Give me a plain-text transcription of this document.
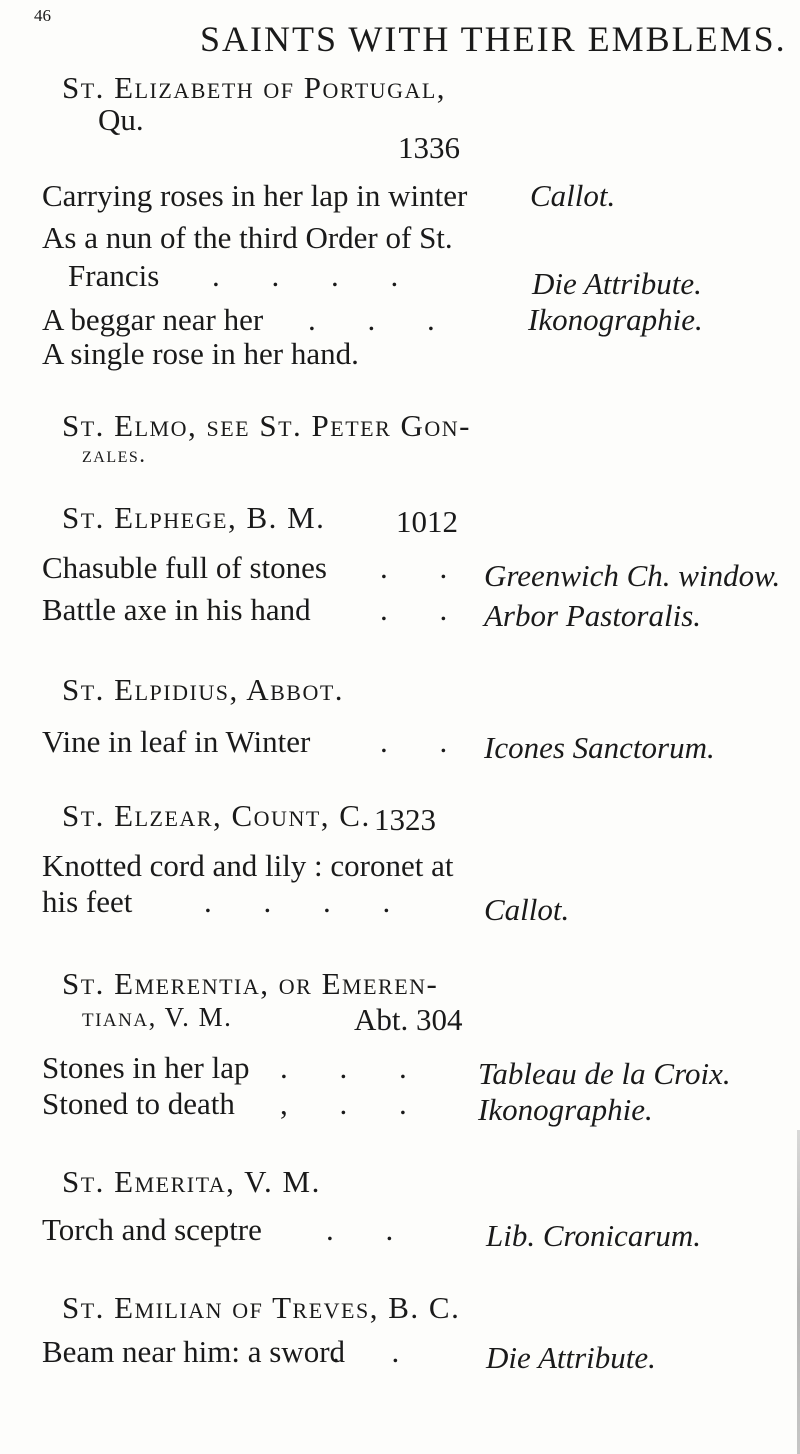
46
SAINTS WITH THEIR EMBLEMS.
St. Elizabeth of Portugal,
Qu.
1336
Carrying roses in her lap in winter Callot.
As a nun of the third Order of St.
Francis . . . .	Die Attribute.
A beggar near her . . . Ikonographie.
A single rose in her hand.
St. Elmo, see St. Peter Gon-
zales.
St. Elphege, B. M. 1012
Chasuble full of stones . . Greenwich Ch. window.
Battle axe in his hand . . Arbor Pastoralis.
St. Elpidius, Abbot.
Vine in leaf in Winter . . Icones Sanctorum.
St. Elzear, Count, C. 1323
Knotted cord and lily : coronet at
his feet . . . . Callot.
St. Emerentia, or Emeren-
tiana, V. M.	Abt. 304
Stones in her lap . . . Tableau de la Croix.
Stoned to death , . . Ikonographie.
St. Emerita, V. M.
Torch and sceptre . . Lib. Cronicarum.
St. Emilian of Treves, B. C.
Beam near him: a sword
. . Die Attribute.
